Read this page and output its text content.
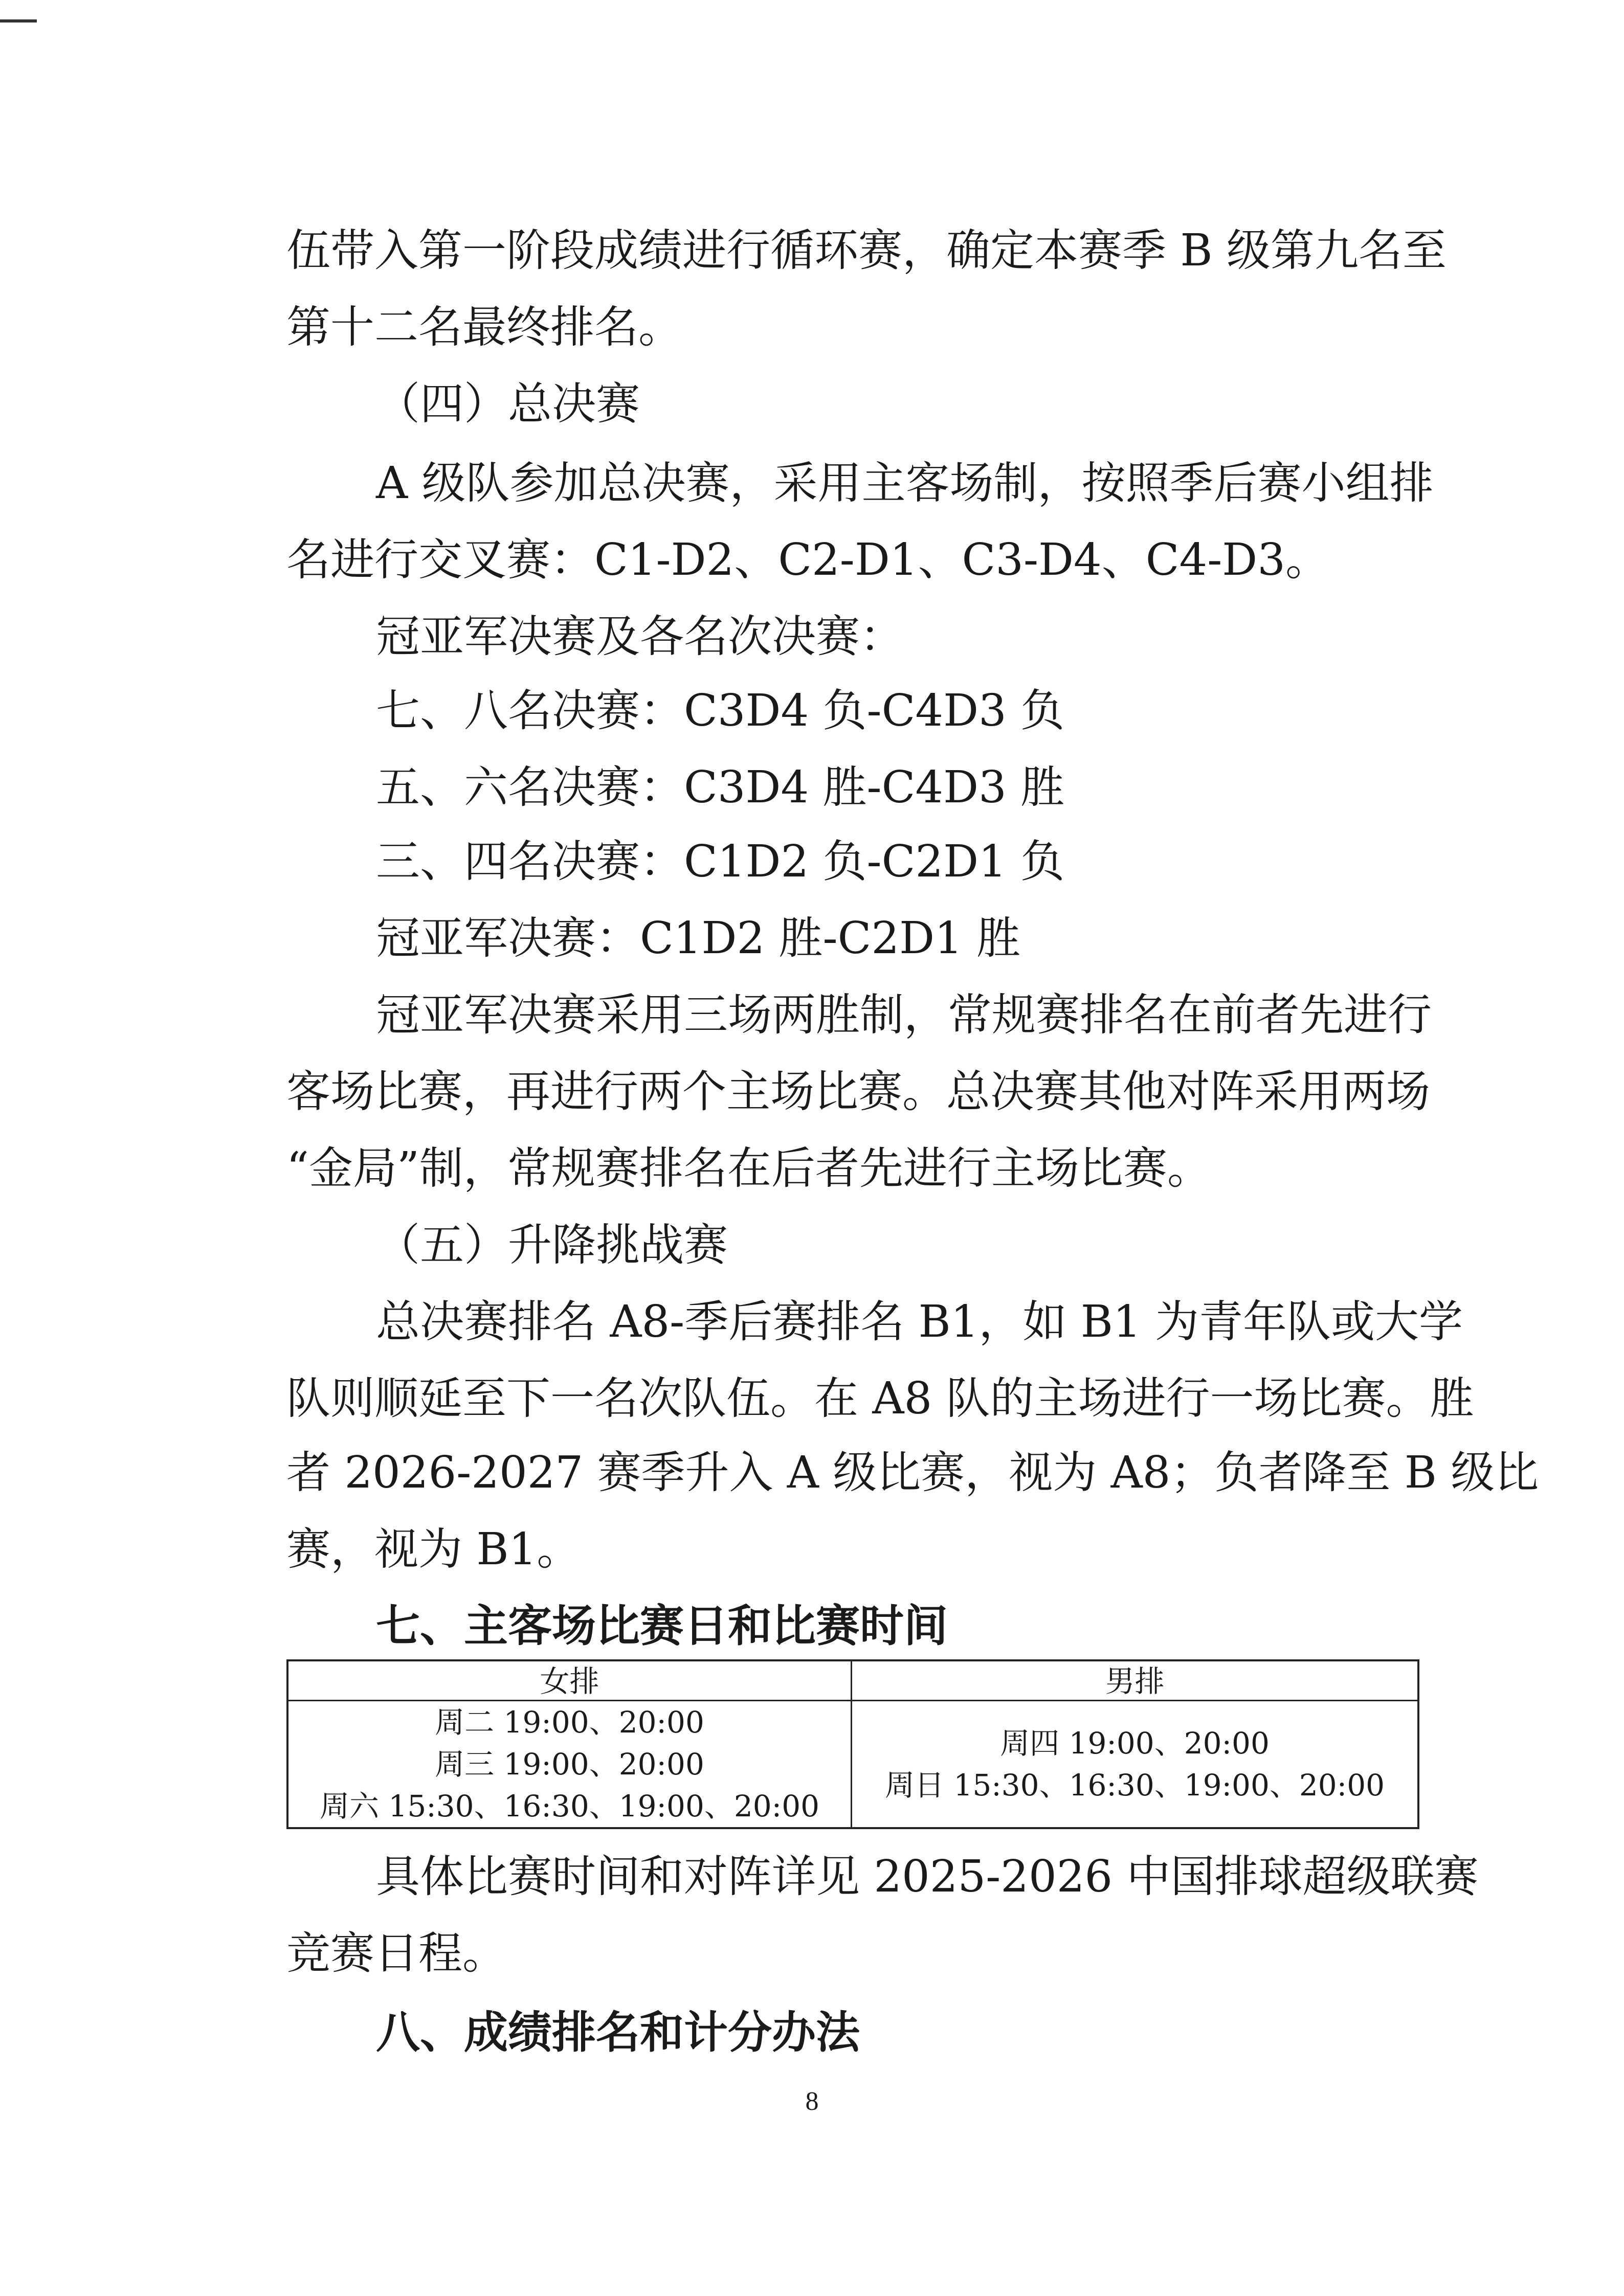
伍带入第一阶段成绩进行循环赛，确定本赛季 B 级第九名至
第十二名最终排名。
（四）总决赛
A 级队参加总决赛，采用主客场制，按照季后赛小组排
名进行交叉赛：C1-D2、C2-D1、C3-D4、C4-D3。
冠亚军决赛及各名次决赛：
七、八名决赛：C3D4 负-C4D3 负
五、六名决赛：C3D4 胜-C4D3 胜
三、四名决赛：C1D2 负-C2D1 负
冠亚军决赛：C1D2 胜-C2D1 胜
冠亚军决赛采用三场两胜制，常规赛排名在前者先进行
客场比赛，再进行两个主场比赛。总决赛其他对阵采用两场
“金局”制，常规赛排名在后者先进行主场比赛。
（五）升降挑战赛
总决赛排名 A8-季后赛排名 B1，如 B1 为青年队或大学
队则顺延至下一名次队伍。在 A8 队的主场进行一场比赛。胜
者 2026-2027 赛季升入 A 级比赛，视为 A8；负者降至 B 级比
赛，视为 B1。
七、主客场比赛日和比赛时间
女排	男排
周二 19:00、20:00
周三 19:00、20:00
周六 15:30、16:30、19:00、20:00
周四 19:00、20:00
周日 15:30、16:30、19:00、20:00
具体比赛时间和对阵详见 2025-2026 中国排球超级联赛
竞赛日程。
八、成绩排名和计分办法
8
